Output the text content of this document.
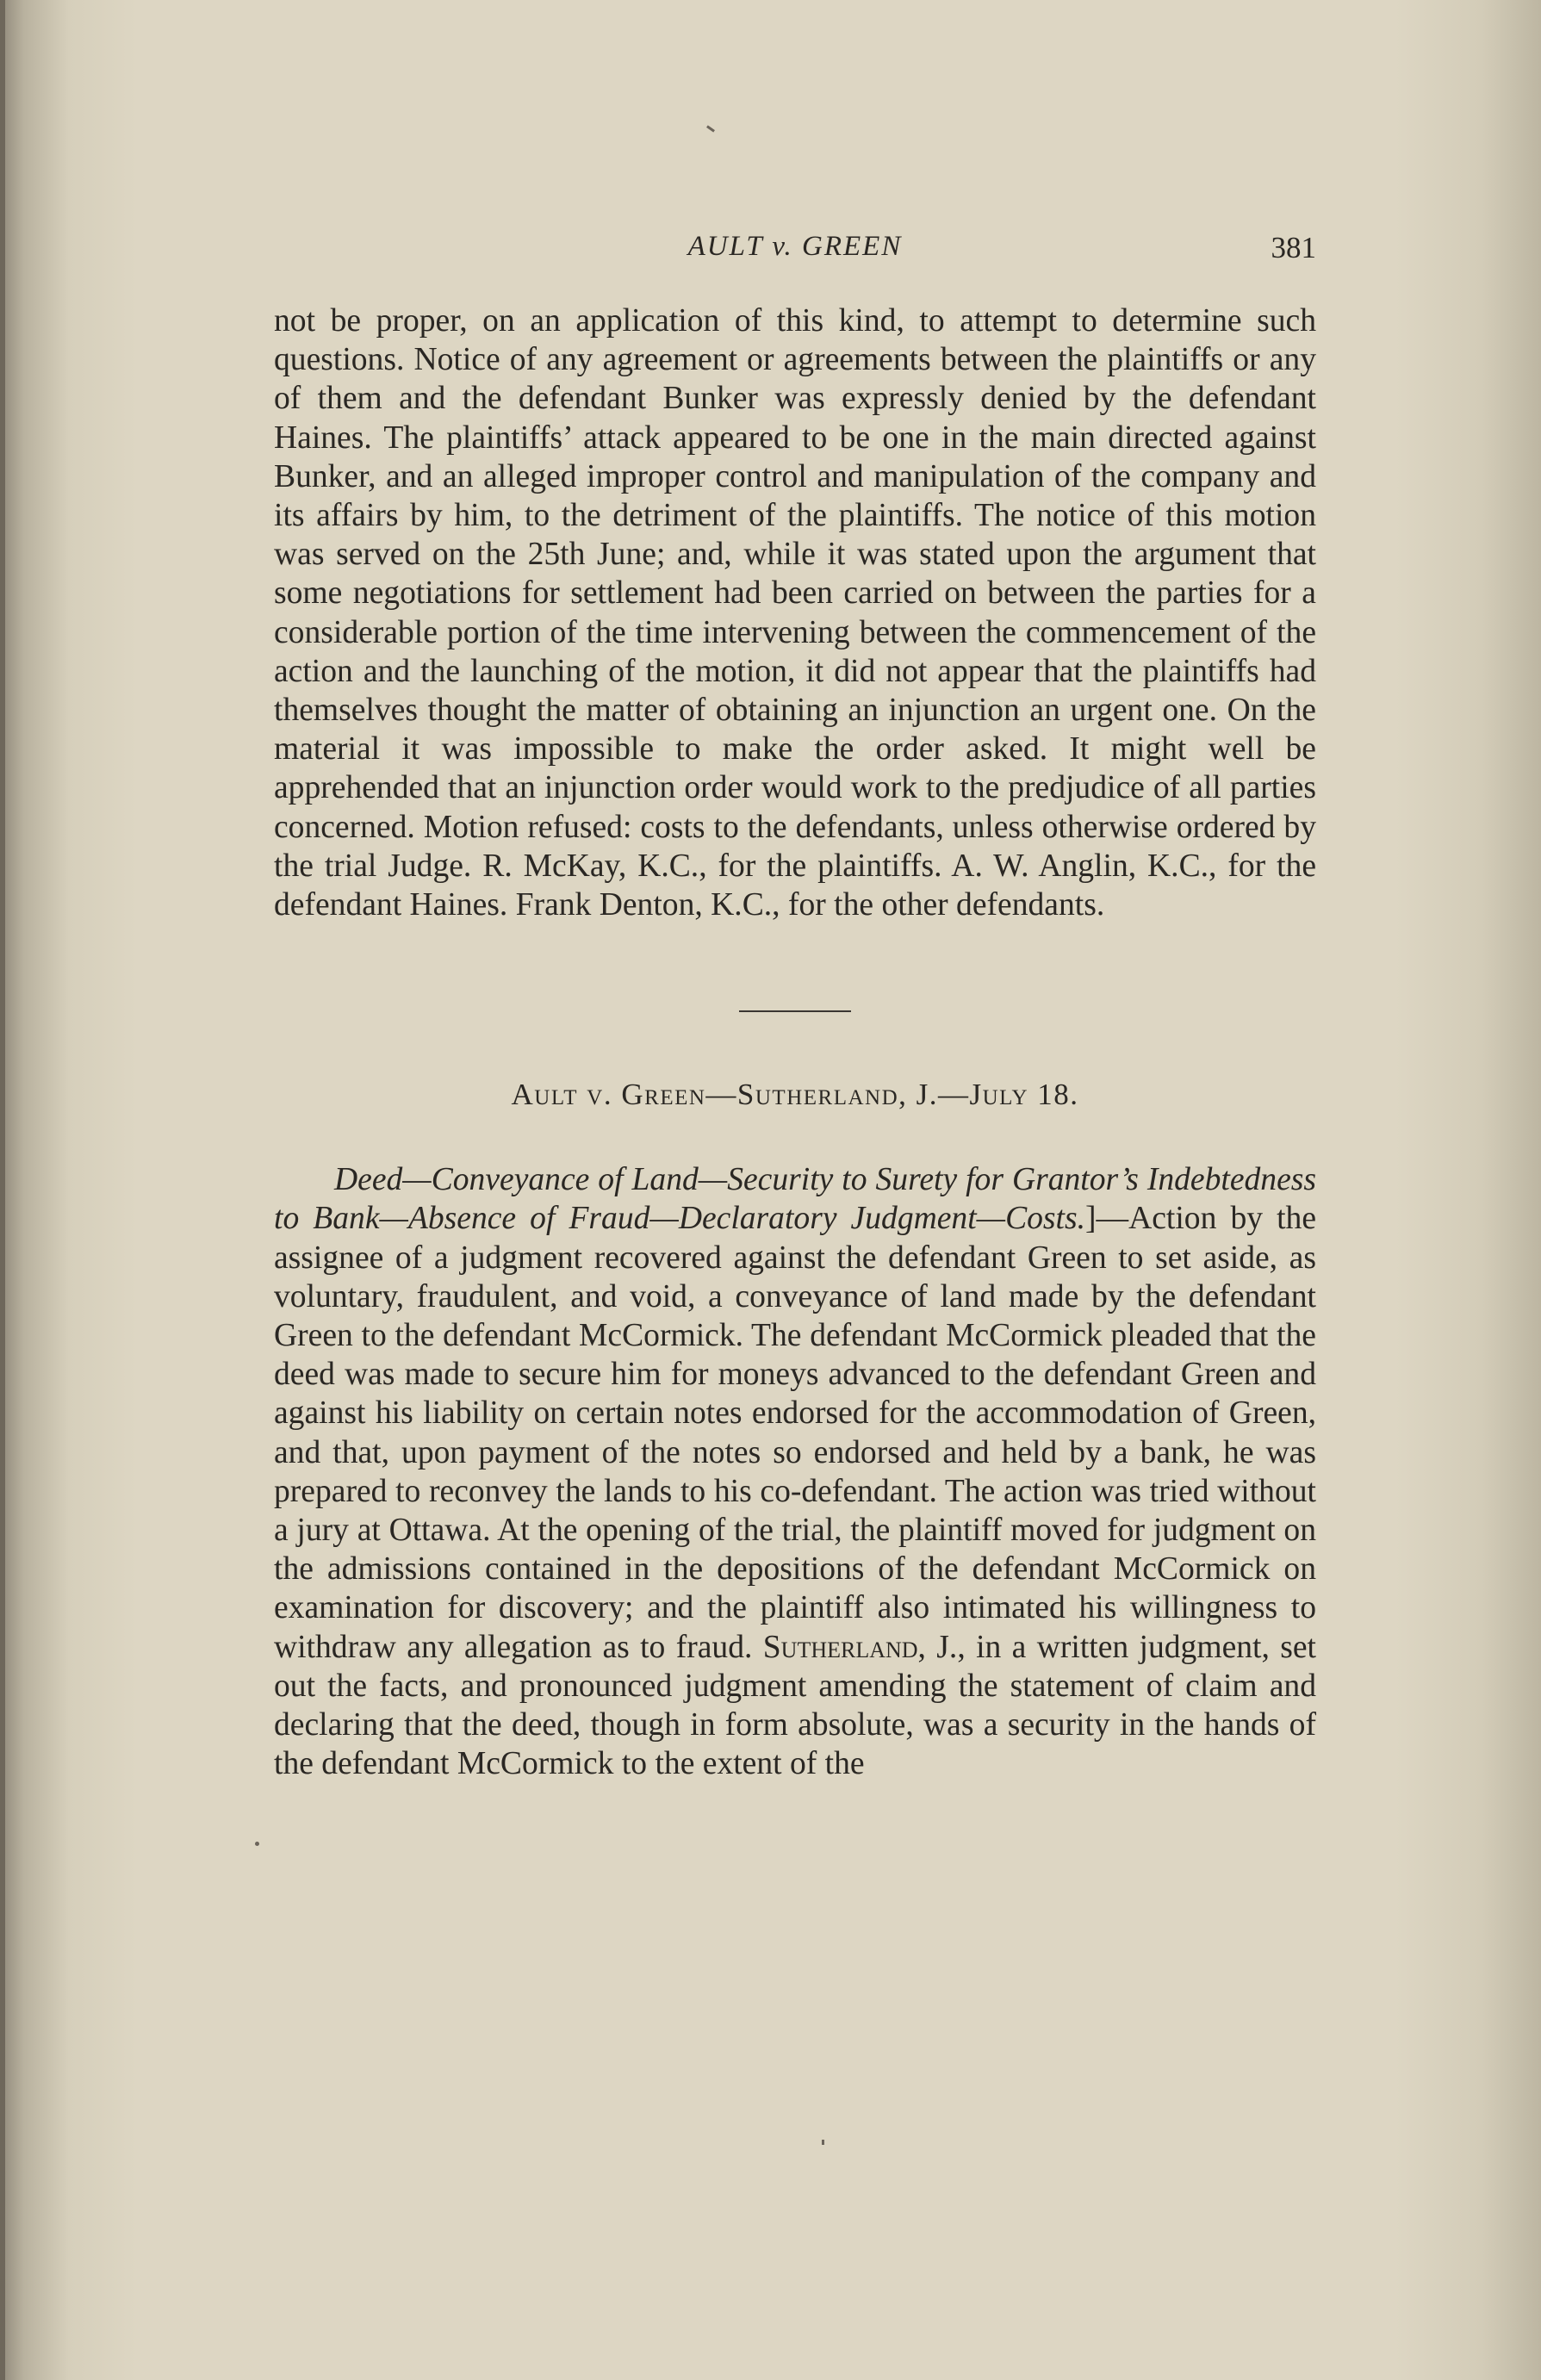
AULT v. GREEN	381

not be proper, on an application of this kind, to attempt to determine such questions. Notice of any agreement or agreements between the plaintiffs or any of them and the defendant Bunker was expressly denied by the defendant Haines. The plaintiffs’ attack appeared to be one in the main directed against Bunker, and an alleged improper control and manipulation of the company and its affairs by him, to the detriment of the plaintiffs. The notice of this motion was served on the 25th June; and, while it was stated upon the argument that some negotiations for settlement had been carried on between the parties for a considerable portion of the time intervening between the commencement of the action and the launching of the motion, it did not appear that the plaintiffs had themselves thought the matter of obtaining an injunction an urgent one. On the material it was impossible to make the order asked. It might well be apprehended that an injunction order would work to the predjudice of all parties concerned. Motion refused: costs to the defendants, unless otherwise ordered by the trial Judge. R. McKay, K.C., for the plaintiffs. A. W. Anglin, K.C., for the defendant Haines. Frank Denton, K.C., for the other defendants.

Ault v. Green—Sutherland, J.—July 18.
Deed—Conveyance of Land—Security to Surety for Grantor’s Indebtedness to Bank—Absence of Fraud—Declaratory Judgment—Costs.]—Action by the assignee of a judgment recovered against the defendant Green to set aside, as voluntary, fraudulent, and void, a conveyance of land made by the defendant Green to the defendant McCormick. The defendant McCormick pleaded that the deed was made to secure him for moneys advanced to the defendant Green and against his liability on certain notes endorsed for the accommodation of Green, and that, upon payment of the notes so endorsed and held by a bank, he was prepared to reconvey the lands to his co-defendant. The action was tried without a jury at Ottawa. At the opening of the trial, the plaintiff moved for judgment on the admissions contained in the depositions of the defendant McCormick on examination for discovery; and the plaintiff also intimated his willingness to withdraw any allegation as to fraud. Sutherland, J., in a written judgment, set out the facts, and pronounced judgment amending the statement of claim and declaring that the deed, though in form absolute, was a security in the hands of the defendant McCormick to the extent of the
